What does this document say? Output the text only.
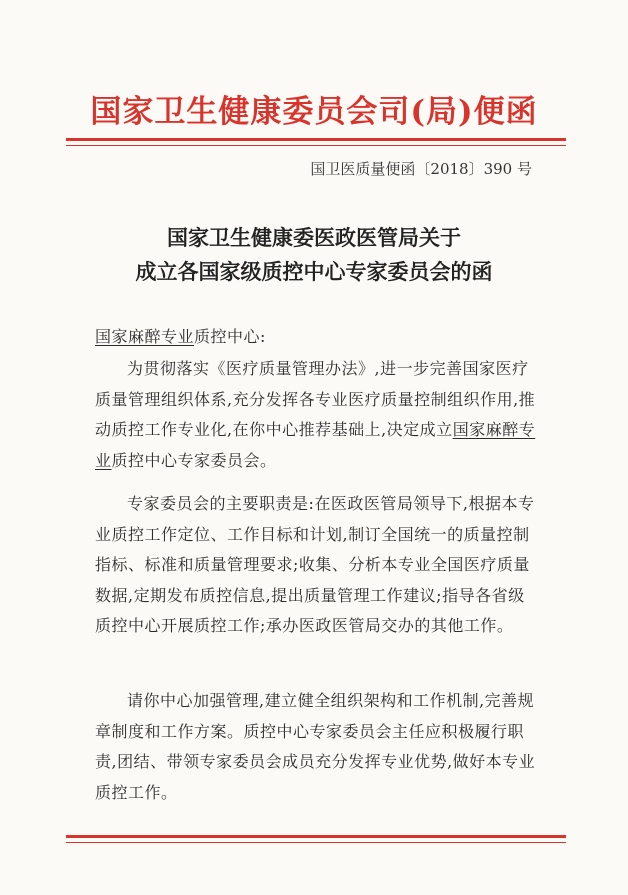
国家卫生健康委员会司(局)便函
国卫医质量便函〔2018〕390 号
国家卫生健康委医政医管局关于
成立各国家级质控中心专家委员会的函
国家麻醉专业质控中心:

为贯彻落实《医疗质量管理办法》,进一步完善国家医疗质量管理组织体系,充分发挥各专业医疗质量控制组织作用,推动质控工作专业化,在你中心推荐基础上,决定成立国家麻醉专业质控中心专家委员会。

专家委员会的主要职责是:在医政医管局领导下,根据本专业质控工作定位、工作目标和计划,制订全国统一的质量控制指标、标准和质量管理要求;收集、分析本专业全国医疗质量数据,定期发布质控信息,提出质量管理工作建议;指导各省级质控中心开展质控工作;承办医政医管局交办的其他工作。

请你中心加强管理,建立健全组织架构和工作机制,完善规章制度和工作方案。质控中心专家委员会主任应积极履行职责,团结、带领专家委员会成员充分发挥专业优势,做好本专业质控工作。
